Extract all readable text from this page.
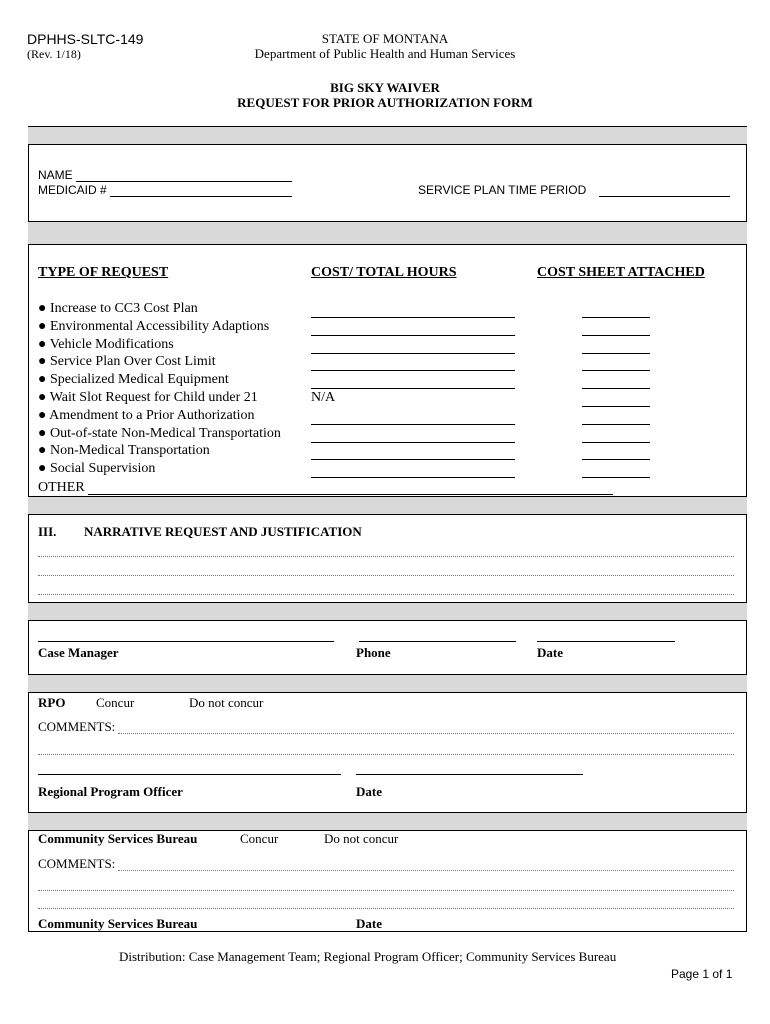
DPHHS-SLTC-149
(Rev. 1/18)
STATE OF MONTANA
Department of Public Health and Human Services
BIG SKY WAIVER
REQUEST FOR PRIOR AUTHORIZATION FORM
NAME
MEDICAID #	SERVICE PLAN TIME PERIOD
TYPE OF REQUEST	COST/ TOTAL HOURS	COST SHEET ATTACHED
● Increase to CC3 Cost Plan
● Environmental Accessibility Adaptions
● Vehicle Modifications
● Service Plan Over Cost Limit
● Specialized Medical Equipment
● Wait Slot Request for Child under 21	N/A
● Amendment to a Prior Authorization
● Out-of-state Non-Medical Transportation
● Non-Medical Transportation
● Social Supervision
OTHER
III. NARRATIVE REQUEST AND JUSTIFICATION
Case Manager	Phone	Date
RPO Concur	Do not concur
COMMENTS:
Regional Program Officer	Date
Community Services Bureau	Concur	Do not concur
COMMENTS:
Community Services Bureau	Date
Distribution: Case Management Team; Regional Program Officer; Community Services Bureau
Page 1 of 1
